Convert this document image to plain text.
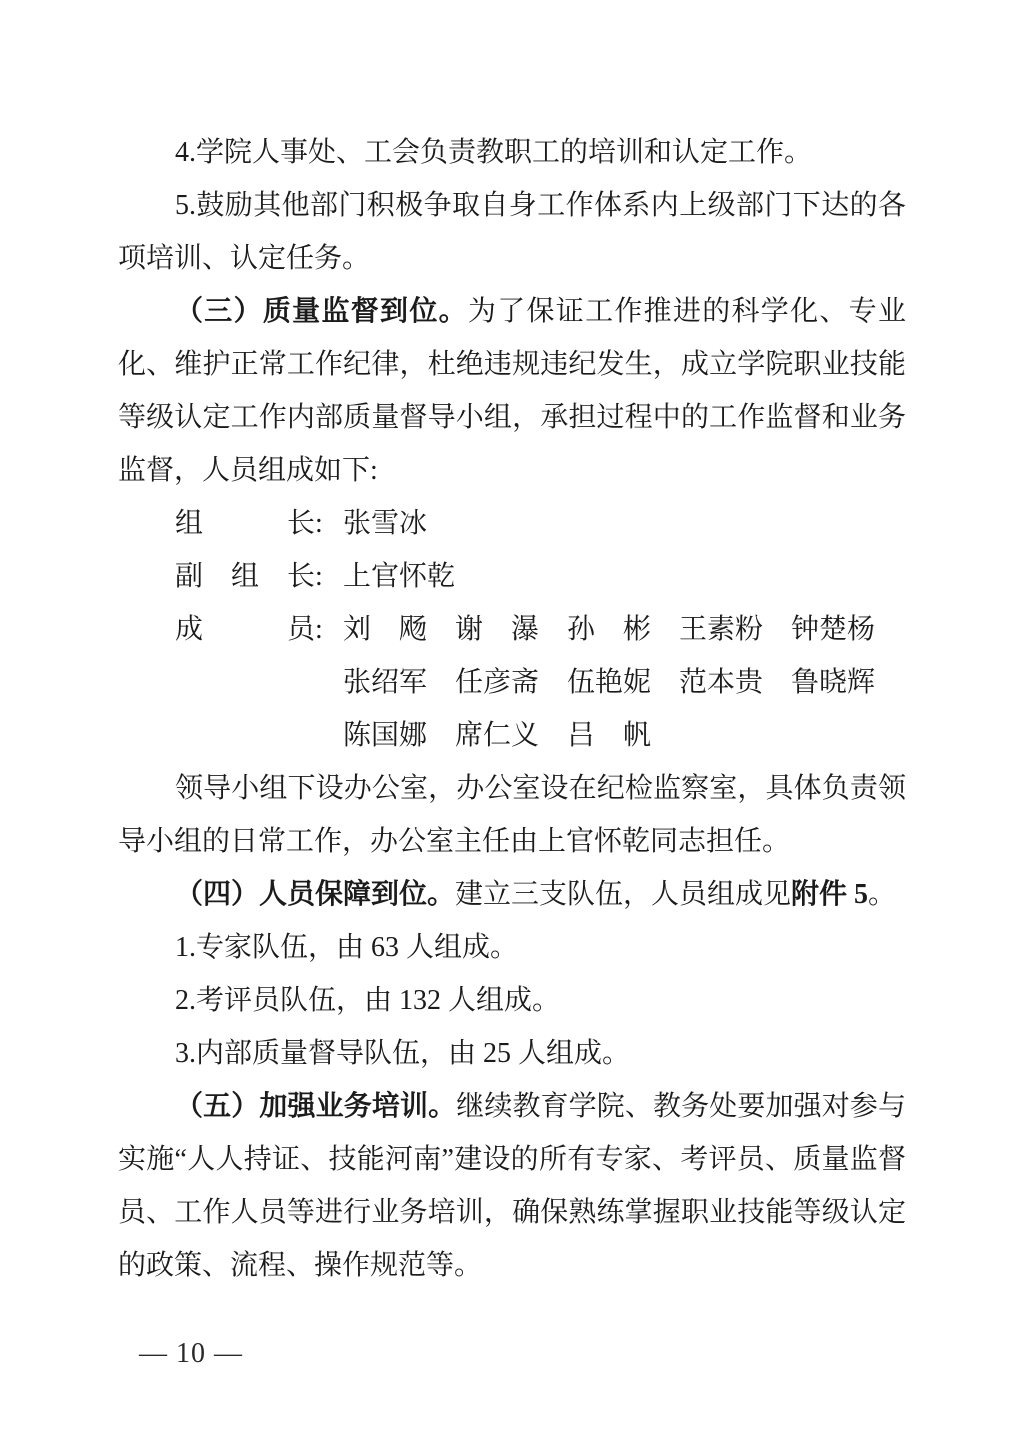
4.学院人事处、工会负责教职工的培训和认定工作。

5.鼓励其他部门积极争取自身工作体系内上级部门下达的各项培训、认定任务。

（三）质量监督到位。为了保证工作推进的科学化、专业化、维护正常工作纪律，杜绝违规违纪发生，成立学院职业技能等级认定工作内部质量督导小组，承担过程中的工作监督和业务监督，人员组成如下:

组　　　长: 张雪冰

副　组　长: 上官怀乾

成　　　员: 刘　飏　谢　瀑　孙　彬　王素粉　钟楚杨

张绍军　任彦斋　伍艳妮　范本贵　鲁晓辉

陈国娜　席仁义　吕　帆

领导小组下设办公室，办公室设在纪检监察室，具体负责领导小组的日常工作，办公室主任由上官怀乾同志担任。

（四）人员保障到位。建立三支队伍，人员组成见附件 5。

1.专家队伍，由 63 人组成。

2.考评员队伍，由 132 人组成。

3.内部质量督导队伍，由 25 人组成。

（五）加强业务培训。继续教育学院、教务处要加强对参与实施“人人持证、技能河南”建设的所有专家、考评员、质量监督员、工作人员等进行业务培训，确保熟练掌握职业技能等级认定的政策、流程、操作规范等。

— 10 —
